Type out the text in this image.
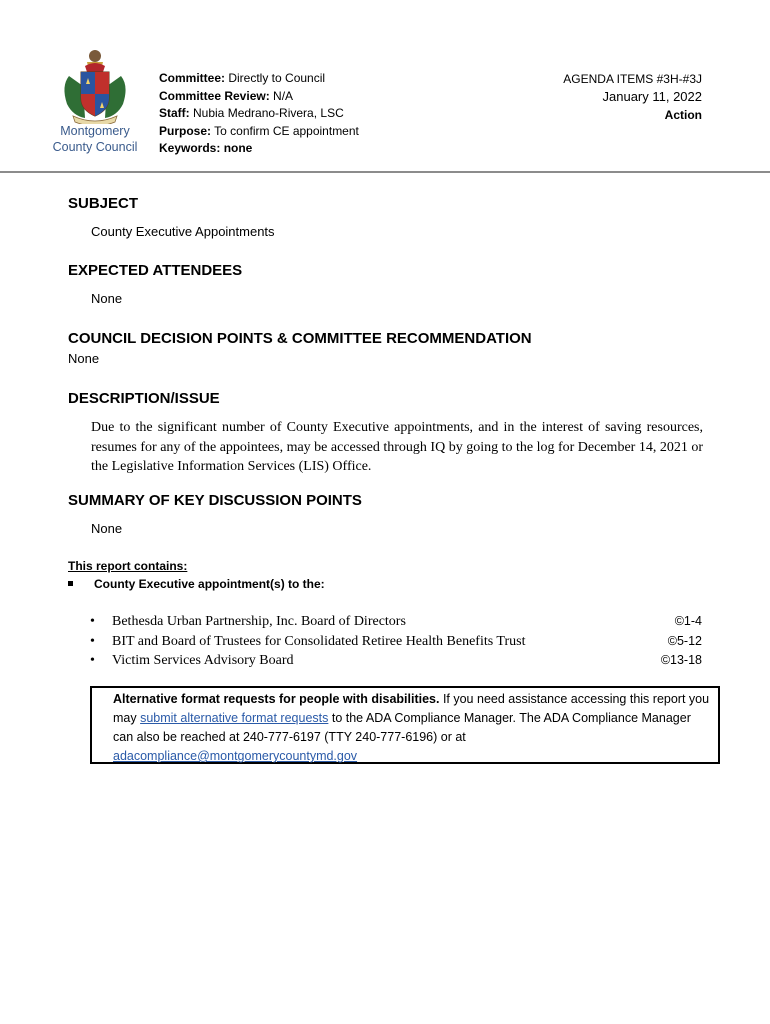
Montgomery
County Council
Committee: Directly to Council
Committee Review: N/A
Staff: Nubia Medrano-Rivera, LSC
Purpose: To confirm CE appointment
Keywords: none
AGENDA ITEMS #3H-#3J
January 11, 2022
Action
SUBJECT
County Executive Appointments
EXPECTED ATTENDEES
None
COUNCIL DECISION POINTS & COMMITTEE RECOMMENDATION
None
DESCRIPTION/ISSUE
Due to the significant number of County Executive appointments, and in the interest of saving resources, resumes for any of the appointees, may be accessed through IQ by going to the log for December 14, 2021 or the Legislative Information Services (LIS) Office.
SUMMARY OF KEY DISCUSSION POINTS
None
This report contains:
County Executive appointment(s) to the:
• Bethesda Urban Partnership, Inc. Board of Directors	©1-4
• BIT and Board of Trustees for Consolidated Retiree Health Benefits Trust	©5-12
• Victim Services Advisory Board	©13-18
Alternative format requests for people with disabilities. If you need assistance accessing this report you may submit alternative format requests to the ADA Compliance Manager. The ADA Compliance Manager can also be reached at 240-777-6197 (TTY 240-777-6196) or at adacompliance@montgomerycountymd.gov
